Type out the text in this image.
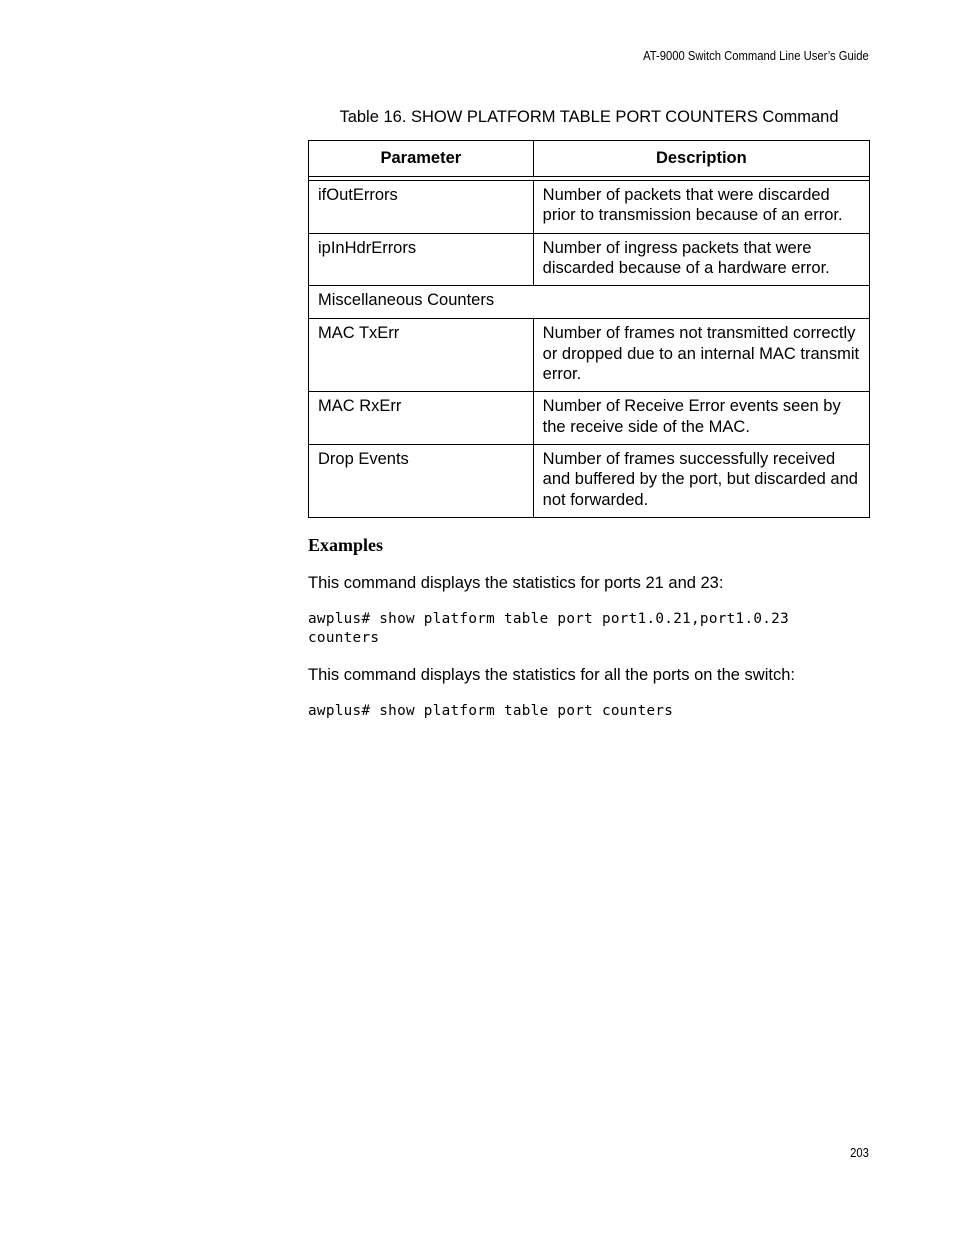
AT-9000 Switch Command Line User’s Guide
Table 16. SHOW PLATFORM TABLE PORT COUNTERS Command
Parameter	Description

ifOutErrors	Number of packets that were discarded prior to transmission because of an error.
ipInHdrErrors	Number of ingress packets that were discarded because of a hardware error.
Miscellaneous Counters	
MAC TxErr	Number of frames not transmitted correctly or dropped due to an internal MAC transmit error.
MAC RxErr	Number of Receive Error events seen by the receive side of the MAC.
Drop Events	Number of frames successfully received and buffered by the port, but discarded and not forwarded.
Examples
This command displays the statistics for ports 21 and 23:
awplus# show platform table port port1.0.21,port1.0.23
counters
This command displays the statistics for all the ports on the switch:
awplus# show platform table port counters
203
